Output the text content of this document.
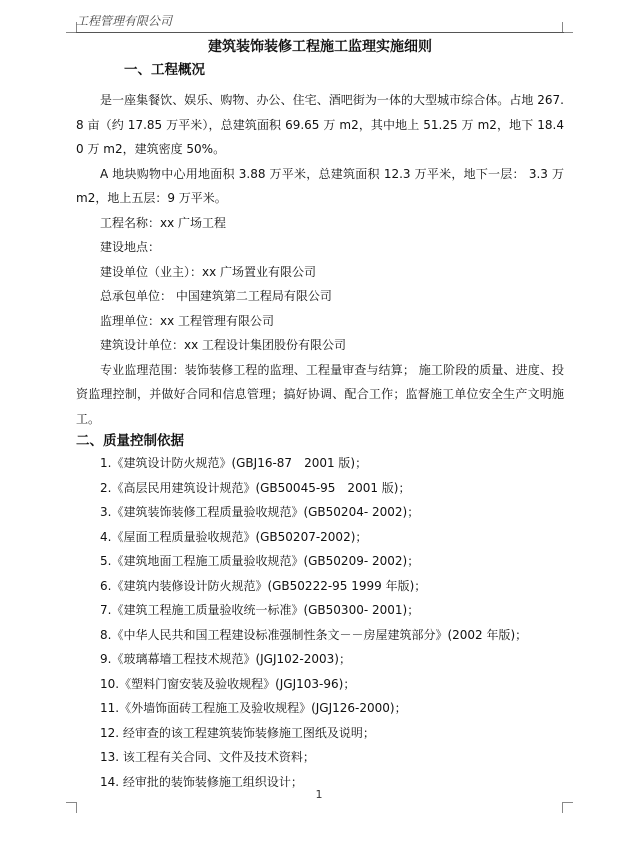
工程管理有限公司
建筑装饰装修工程施工监理实施细则
一、工程概况

是一座集餐饮、娱乐、购物、办公、住宅、酒吧街为一体的大型城市综合体。占地 267.8 亩（约 17.85 万平米），总建筑面积 69.65 万 m2，其中地上 51.25 万 m2，地下 18.40 万 m2，建筑密度 50%。

A 地块购物中心用地面积 3.88 万平米，总建筑面积 12.3 万平米，地下一层： 3.3 万 m2，地上五层：9 万平米。

工程名称：xx 广场工程

建设地点：

建设单位（业主）：xx 广场置业有限公司

总承包单位： 中国建筑第二工程局有限公司

监理单位：xx 工程管理有限公司

建筑设计单位：xx 工程设计集团股份有限公司

专业监理范围：装饰装修工程的监理、工程量审查与结算； 施工阶段的质量、进度、投资监理控制，并做好合同和信息管理；搞好协调、配合工作；监督施工单位安全生产文明施工。

二、质量控制依据
1.《建筑设计防火规范》(GBJ16-87　2001 版)；
2.《高层民用建筑设计规范》(GB50045-95　2001 版)；
3.《建筑装饰装修工程质量验收规范》(GB50204- 2002)；
4.《屋面工程质量验收规范》(GB50207-2002)；
5.《建筑地面工程施工质量验收规范》(GB50209- 2002)；
6.《建筑内装修设计防火规范》(GB50222-95 1999 年版)；
7.《建筑工程施工质量验收统一标准》(GB50300- 2001)；
8.《中华人民共和国工程建设标准强制性条文－－房屋建筑部分》(2002 年版)；
9.《玻璃幕墙工程技术规范》(JGJ102-2003)；
10.《塑料门窗安装及验收规程》(JGJ103-96)；
11.《外墙饰面砖工程施工及验收规程》(JGJ126-2000)；
12. 经审查的该工程建筑装饰装修施工图纸及说明；
13. 该工程有关合同、文件及技术资料；
14. 经审批的装饰装修施工组织设计；
1
